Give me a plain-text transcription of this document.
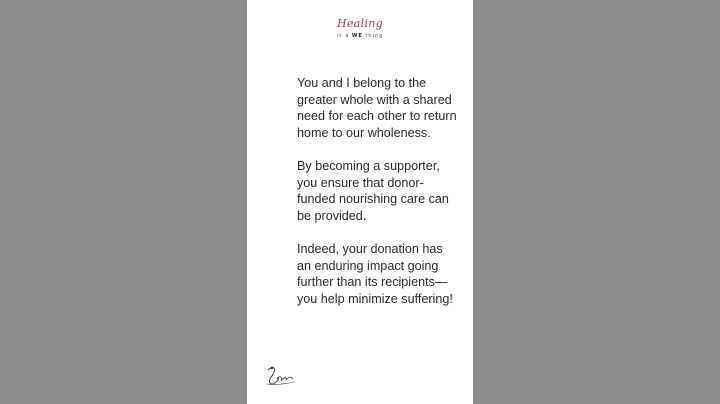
Healing
is a WE thing

You and I belong to the greater whole with a shared need for each other to return home to our wholeness.

By becoming a supporter, you ensure that donor-funded nourishing care can be provided.

Indeed, your donation has an enduring impact going further than its recipients—you help minimize suffering!
